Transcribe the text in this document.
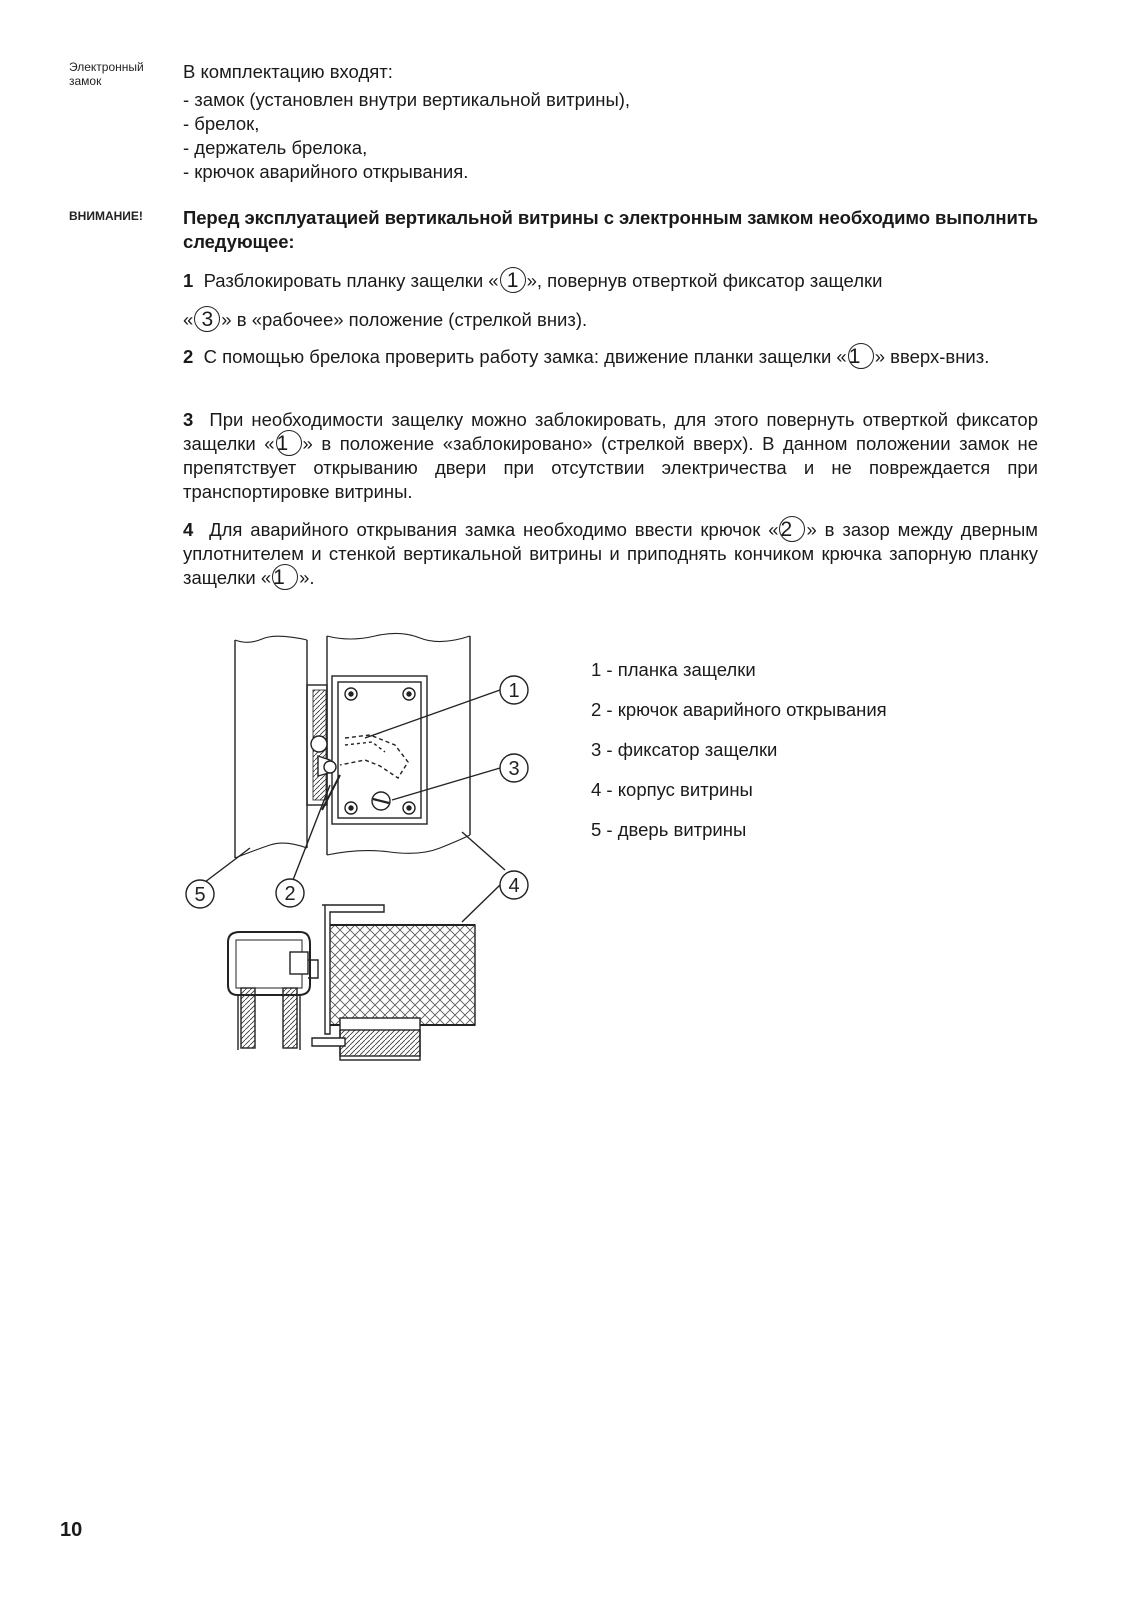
Электронный замок
ВНИМАНИЕ!

В комплектацию входят:

- замок (установлен внутри вертикальной витрины),

- брелок,

- держатель брелока,

- крючок аварийного открывания.

Перед эксплуатацией вертикальной витрины с электронным замком необходимо выполнить следующее:

1 Разблокировать планку защелки « 1 », повернув отверткой фиксатор защелки

« 3 » в «рабочее» положение (стрелкой вниз).

2 С помощью брелока проверить работу замка: движение планки защелки «1 » вверх-вниз.

3 При необходимости защелку можно заблокировать, для этого повернуть отверткой фиксатор защелки «1 » в положение «заблокировано» (стрелкой вверх). В данном положении замок не препятствует открыванию двери при отсутствии электричества и не повреждается при транспортировке витрины.

4 Для аварийного открывания замка необходимо ввести крючок «2 » в зазор между дверным уплотнителем и стенкой вертикальной витрины и приподнять кончиком крючка запорную планку защелки «1 ».

1
3
4
5	2
1 - планка защелки
2 - крючок аварийного открывания
3 - фиксатор защелки
4 - корпус витрины
5 - дверь витрины
10
